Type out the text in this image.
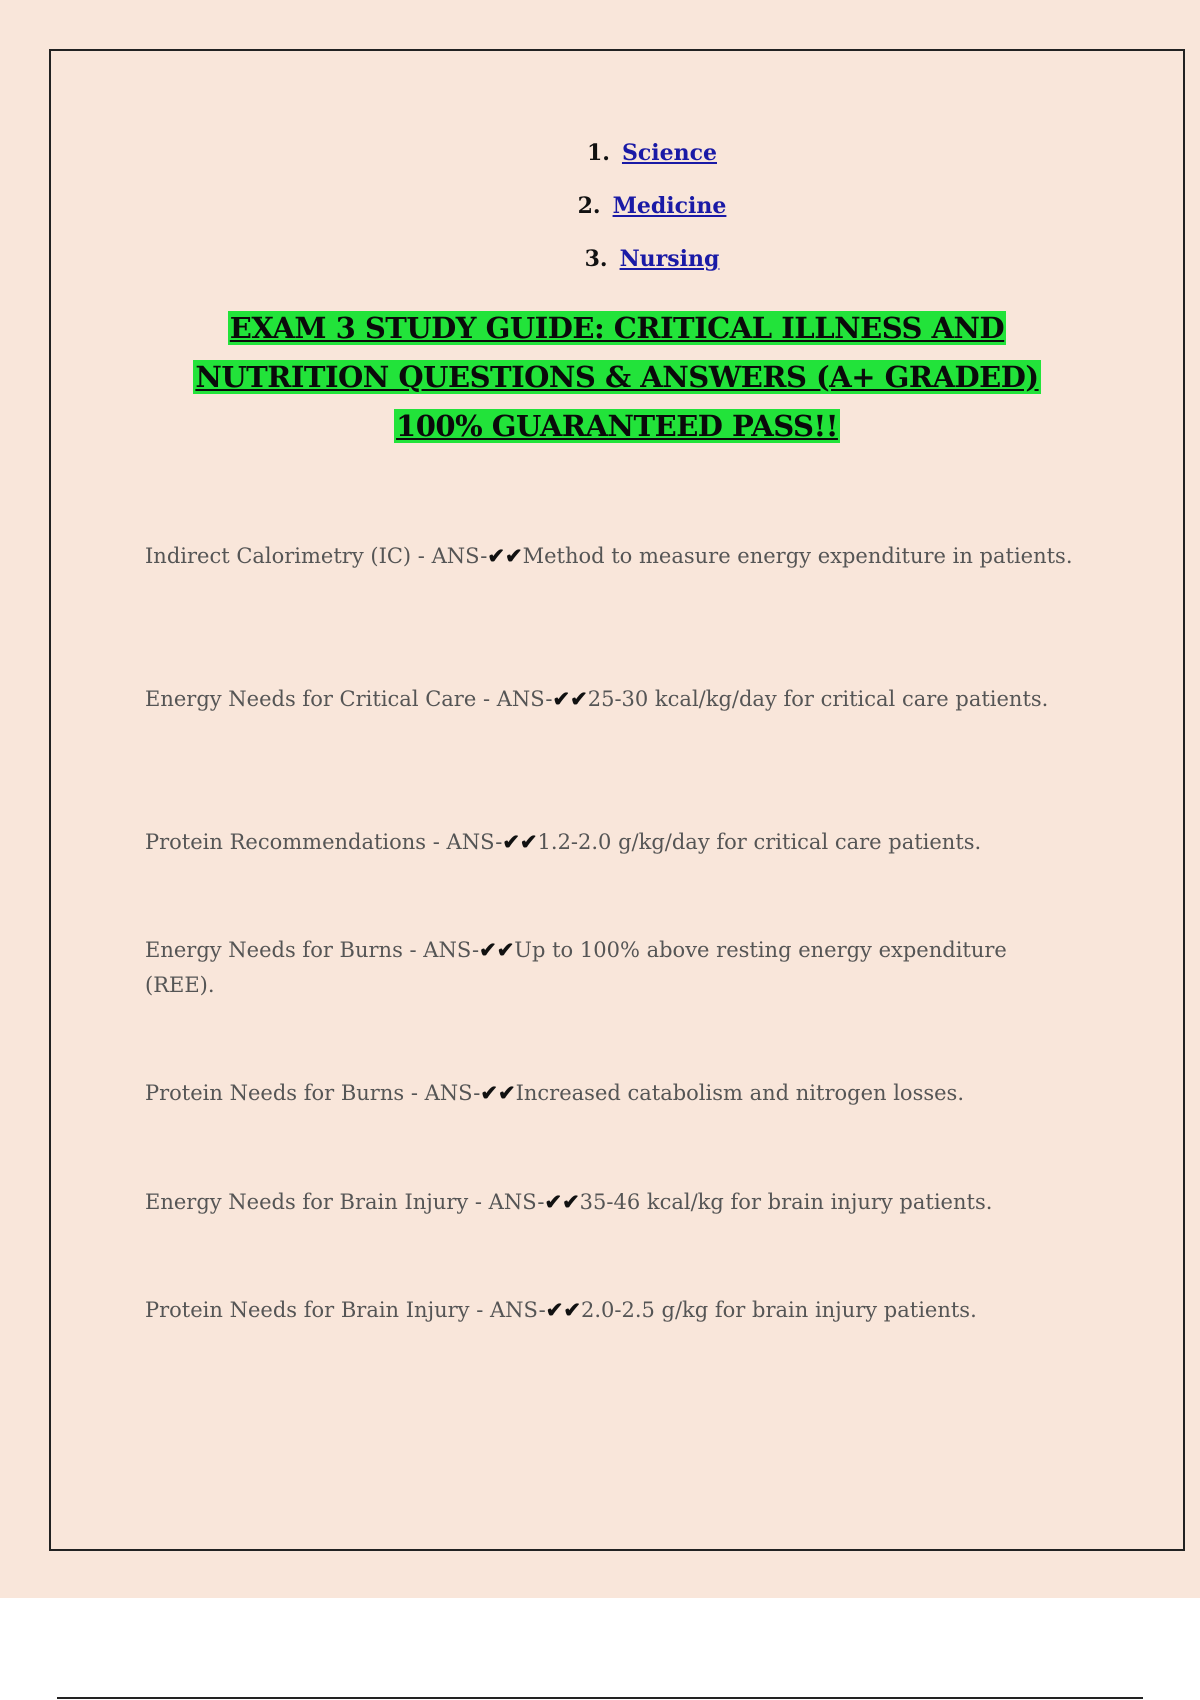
1. Science
2. Medicine
3. Nursing

EXAM 3 STUDY GUIDE: CRITICAL ILLNESS AND

NUTRITION QUESTIONS & ANSWERS (A+ GRADED)

100% GUARANTEED PASS!!

Indirect Calorimetry (IC) - ANS-✔✔Method to measure energy expenditure in patients.

Energy Needs for Critical Care - ANS-✔✔25-30 kcal/kg/day for critical care patients.

Protein Recommendations - ANS-✔✔1.2-2.0 g/kg/day for critical care patients.

Energy Needs for Burns - ANS-✔✔Up to 100% above resting energy expenditure (REE).

Protein Needs for Burns - ANS-✔✔Increased catabolism and nitrogen losses.

Energy Needs for Brain Injury - ANS-✔✔35-46 kcal/kg for brain injury patients.

Protein Needs for Brain Injury - ANS-✔✔2.0-2.5 g/kg for brain injury patients.
